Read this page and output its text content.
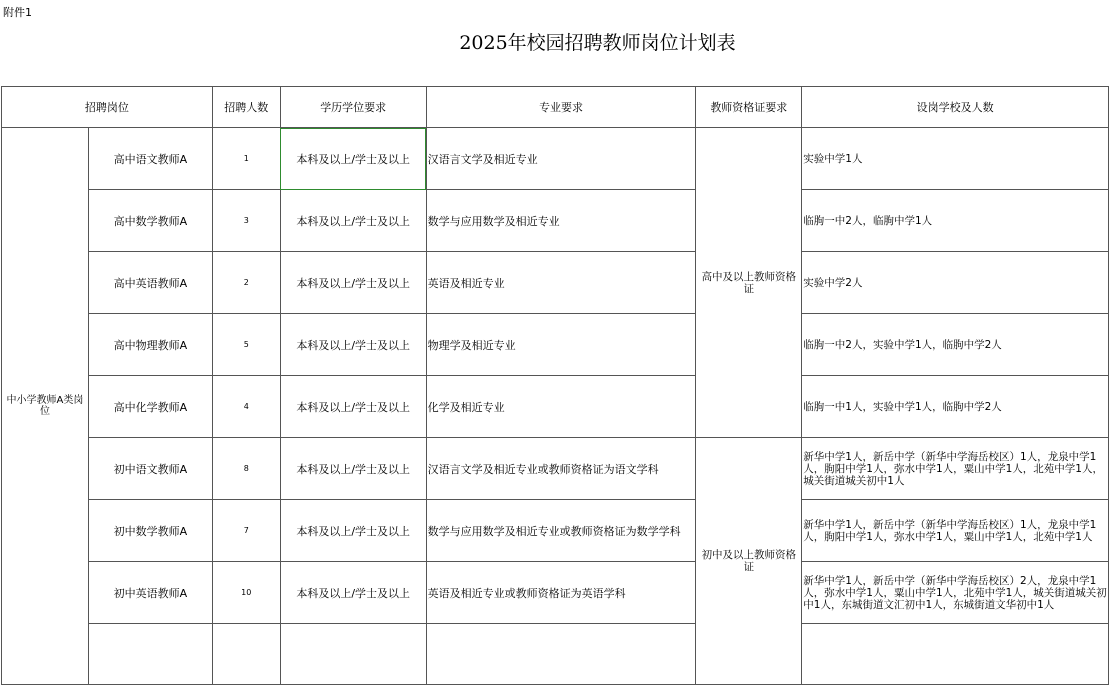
附件1
2025年校园招聘教师岗位计划表
招聘岗位		招聘人数	学历学位要求	专业要求	教师资格证要求	设岗学校及人数
中小学教师A类岗位	高中语文教师A	1	本科及以上/学士及以上	汉语言文学及相近专业	高中及以上教师资格证	实验中学1人
	高中数学教师A	3	本科及以上/学士及以上	数学与应用数学及相近专业		临朐一中2人，临朐中学1人
	高中英语教师A	2	本科及以上/学士及以上	英语及相近专业		实验中学2人
	高中物理教师A	5	本科及以上/学士及以上	物理学及相近专业		临朐一中2人，实验中学1人，临朐中学2人
	高中化学教师A	4	本科及以上/学士及以上	化学及相近专业		临朐一中1人，实验中学1人，临朐中学2人
	初中语文教师A	8	本科及以上/学士及以上	汉语言文学及相近专业或教师资格证为语文学科	初中及以上教师资格证	新华中学1人，新岳中学（新华中学海岳校区）1人，龙泉中学1人，朐阳中学1人，弥水中学1人，粟山中学1人，北苑中学1人，城关街道城关初中1人
	初中数学教师A	7	本科及以上/学士及以上	数学与应用数学及相近专业或教师资格证为数学学科		新华中学1人，新岳中学（新华中学海岳校区）1人，龙泉中学1人，朐阳中学1人，弥水中学1人，粟山中学1人，北苑中学1人
	初中英语教师A	10	本科及以上/学士及以上	英语及相近专业或教师资格证为英语学科		新华中学1人，新岳中学（新华中学海岳校区）2人，龙泉中学1人，弥水中学1人，粟山中学1人，北苑中学1人，城关街道城关初中1人，东城街道文汇初中1人，东城街道文华初中1人
